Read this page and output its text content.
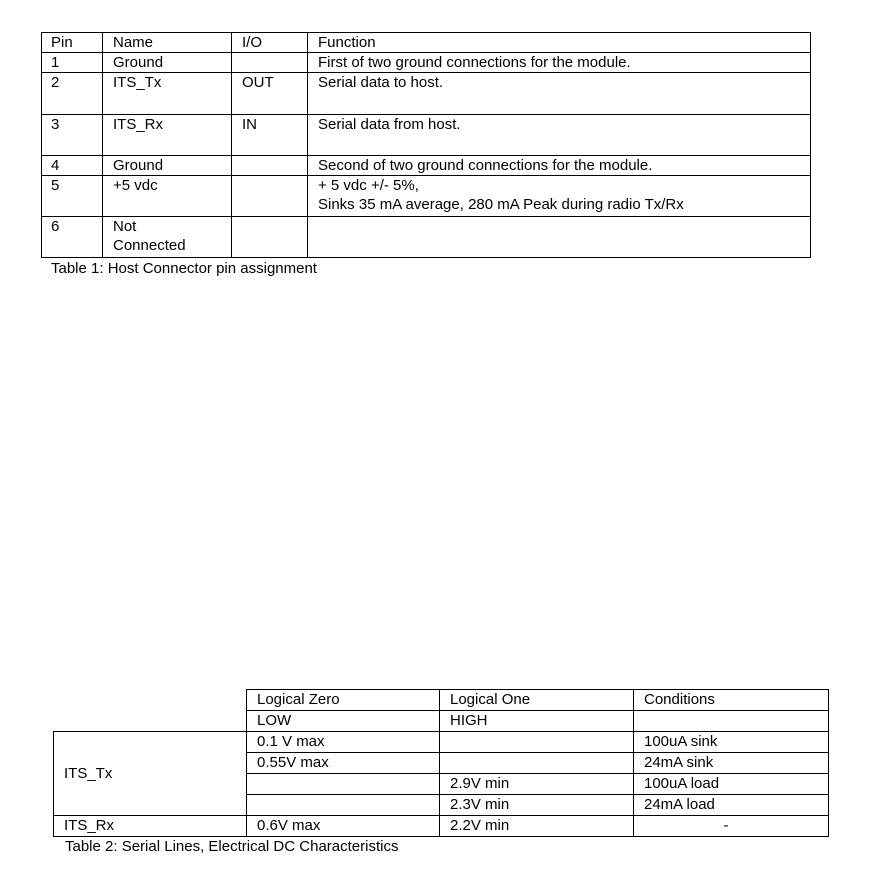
Pin	Name	I/O	Function
1	Ground		First of two ground connections for the module.
2	ITS_Tx	OUT	Serial data to host.
3	ITS_Rx	IN	Serial data from host.
4	Ground		Second of two ground connections for the module.
5	+5 vdc		+ 5 vdc +/- 5%,
Sinks 35 mA average, 280 mA Peak during radio Tx/Rx

6	Not
Connected		

Table 1: Host Connector pin assignment
	Logical Zero	Logical One	Conditions
	LOW	HIGH	
ITS_Tx	0.1 V max		100uA sink
	0.55V max		24mA sink
		2.9V min	100uA load
		2.3V min	24mA load
ITS_Rx	0.6V max	2.2V min	-
Table 2: Serial Lines, Electrical DC Characteristics
